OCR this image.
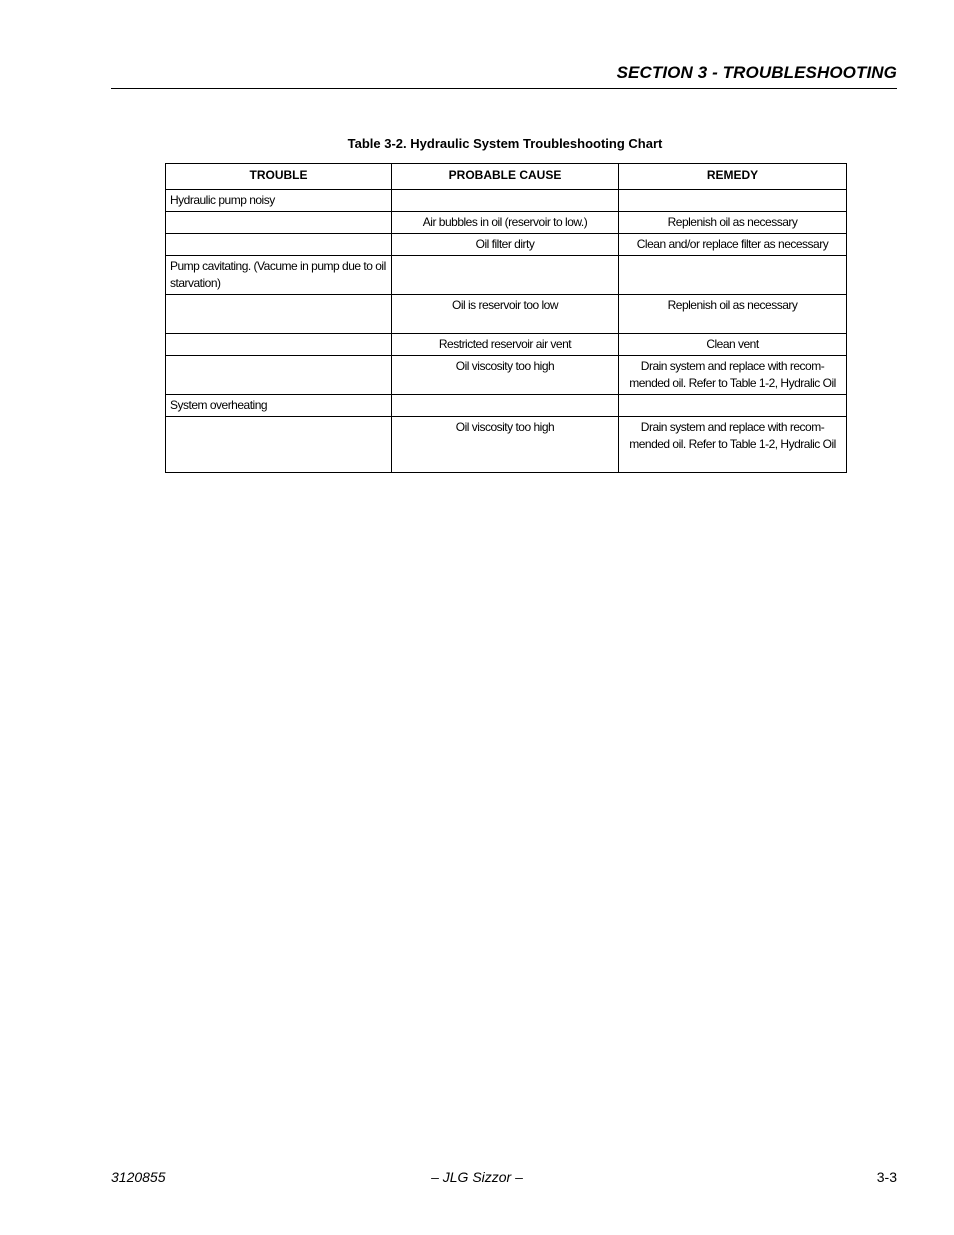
SECTION 3 - TROUBLESHOOTING
Table 3-2. Hydraulic System Troubleshooting Chart
TROUBLE	PROBABLE CAUSE	REMEDY
Hydraulic pump noisy		
	Air bubbles in oil (reservoir to low.)	Replenish oil as necessary
	Oil filter dirty	Clean and/or replace filter as necessary
Pump cavitating. (Vacume in pump due to oil starvation)		
	Oil is reservoir too low	Replenish oil as necessary
	Restricted reservoir air vent	Clean vent
	Oil viscosity too high	Drain system and replace with recom-mended oil. Refer to Table 1-2, Hydralic Oil
System overheating		
	Oil viscosity too high	Drain system and replace with recom-mended oil. Refer to Table 1-2, Hydralic Oil
3120855	– JLG Sizzor –	3-3
